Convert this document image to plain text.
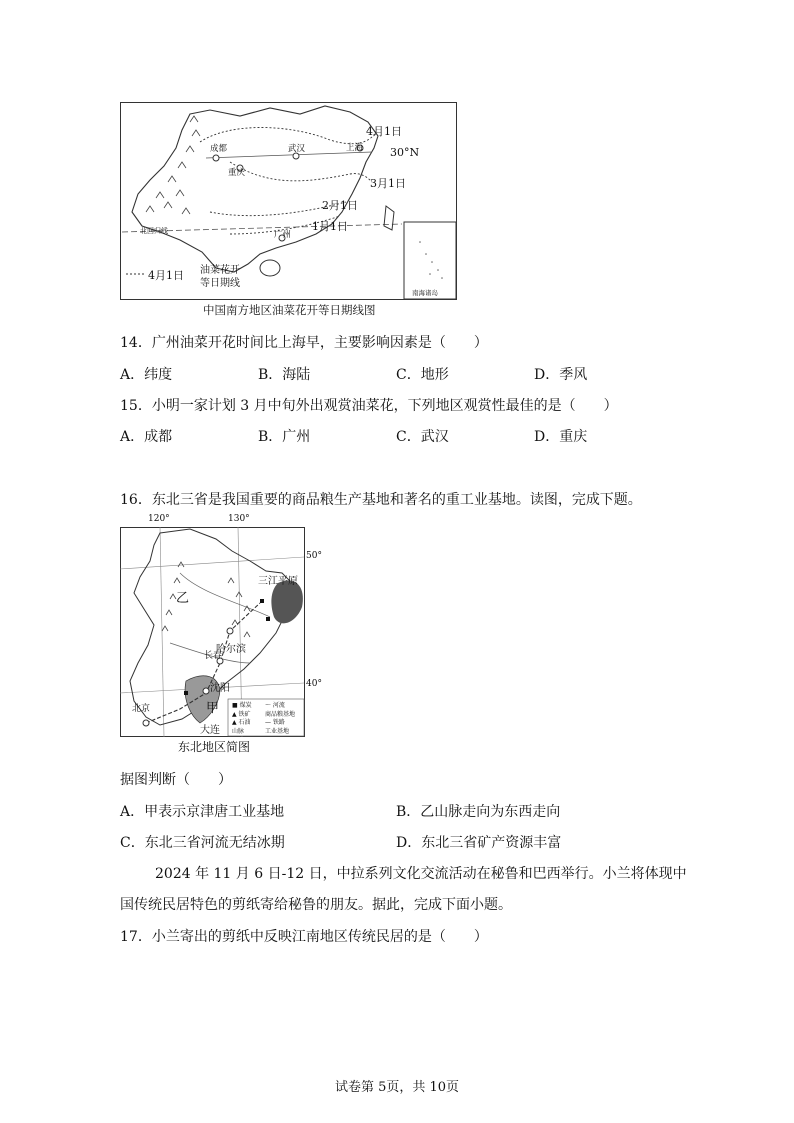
4月1日
30°N
3月1日
2月1日
1月1日
成都	武汉	上海
重庆
广州
北回归线
南海诸岛
4月1日 油菜花开
等日期线
中国南方地区油菜花开等日期线图
14．广州油菜开花时间比上海早，主要影响因素是（　　）
A．纬度	B．海陆	C．地形	D．季风
15．小明一家计划 3 月中旬外出观赏油菜花，下列地区观赏性最佳的是（　　）
A．成都	B．广州	C．武汉	D．重庆
16．东北三省是我国重要的商品粮生产基地和著名的重工业基地。读图，完成下题。
120°	130°
50°
40°
三江平原
哈尔滨
长春
沈阳
甲
乙
北京
大连
■ 煤炭 〜 河流
▲ 铁矿 商品粮基地
▲ 石油 — 铁路
山脉	工业基地
东北地区简图
据图判断（　　）
A．甲表示京津唐工业基地	B．乙山脉走向为东西走向
C．东北三省河流无结冰期	D．东北三省矿产资源丰富
2024 年 11 月 6 日-12 日，中拉系列文化交流活动在秘鲁和巴西举行。小兰将体现中
国传统民居特色的剪纸寄给秘鲁的朋友。据此，完成下面小题。
17．小兰寄出的剪纸中反映江南地区传统民居的是（　　）
试卷第 5页，共 10页
